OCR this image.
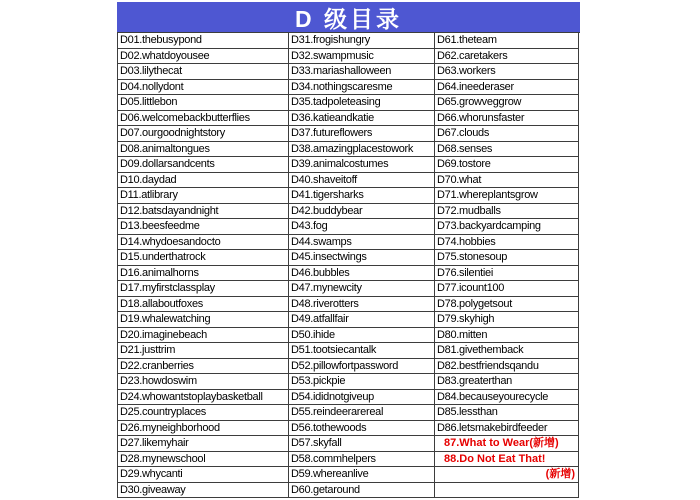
D 级目录
D01.thebusypond
D02.whatdoyousee
D03.lilythecat
D04.nollydont
D05.littlebon
D06.welcomebackbutterflies
D07.ourgoodnightstory
D08.animaltongues
D09.dollarsandcents
D10.daydad
D11.atlibrary
D12.batsdayandnight
D13.beesfeedme
D14.whydoesandocto
D15.underthatrock
D16.animalhorns
D17.myfirstclassplay
D18.allaboutfoxes
D19.whalewatching
D20.imaginebeach
D21.justtrim
D22.cranberries
D23.howdoswim
D24.whowantstoplaybasketball
D25.countryplaces
D26.myneighborhood
D27.likemyhair
D28.mynewschool
D29.whycanti
D30.giveaway
D31.frogishungry
D32.swampmusic
D33.mariashalloween
D34.nothingscaresme
D35.tadpoleteasing
D36.katieandkatie
D37.futureflowers
D38.amazingplacestowork
D39.animalcostumes
D40.shaveitoff
D41.tigersharks
D42.buddybear
D43.fog
D44.swamps
D45.insectwings
D46.bubbles
D47.mynewcity
D48.riverotters
D49.atfallfair
D50.ihide
D51.tootsiecantalk
D52.pillowfortpassword
D53.pickpie
D54.ididnotgiveup
D55.reindeerarereal
D56.tothewoods
D57.skyfall
D58.commhelpers
D59.whereanlive
D60.getaround
D61.theteam
D62.caretakers
D63.workers
D64.ineederaser
D65.growveggrow
D66.whorunsfaster
D67.clouds
D68.senses
D69.tostore
D70.what
D71.whereplantsgrow
D72.mudballs
D73.backyardcamping
D74.hobbies
D75.stonesoup
D76.silentiei
D77.icount100
D78.polygetsout
D79.skyhigh
D80.mitten
D81.givethemback
D82.bestfriendsqandu
D83.greaterthan
D84.becauseyourecycle
D85.lessthan
D86.letsmakebirdfeeder
87.What to Wear(新增)
88.Do Not Eat That!
(新增)
